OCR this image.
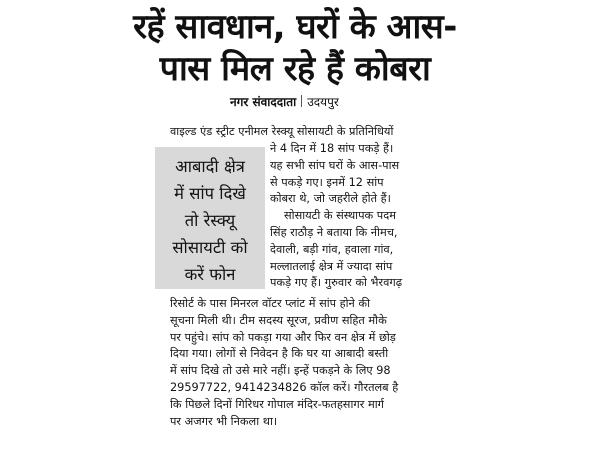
रहें सावधान, घरों के आस-
पास मिल रहे हैं कोबरा
नगर संवाददाता उदयपुर
वाइल्ड एंड स्ट्रीट एनीमल रेस्क्यू सोसायटी के प्रतिनिधियों
आबादी क्षेत्र
में सांप दिखे
तो रेस्क्यू
सोसायटी को
करें फोन
ने 4 दिन में 18 सांप पकड़े हैं।
यह सभी सांप घरों के आस-पास
से पकड़े गए। इनमें 12 सांप
कोबरा थे, जो जहरीले होते हैं।
सोसायटी के संस्थापक पदम
सिंह राठौड़ ने बताया कि नीमच,
देवाली, बड़ी गांव, हवाला गांव,
मल्लातलाई क्षेत्र में ज्यादा सांप
पकड़े गए हैं। गुरुवार को भैरवगढ़
रिसोर्ट के पास मिनरल वॉटर प्लांट में सांप होने की
सूचना मिली थी। टीम सदस्य सूरज, प्रवीण सहित मौके
पर पहुंचे। सांप को पकड़ा गया और फिर वन क्षेत्र में छोड़
दिया गया। लोगों से निवेदन है कि घर या आबादी बस्ती
में सांप दिखे तो उसे मारे नहीं। इन्हें पकड़ने के लिए 98
29597722, 9414234826 कॉल करें। गौरतलब है
कि पिछले दिनों गिरिधर गोपाल मंदिर-फतहसागर मार्ग
पर अजगर भी निकला था।
